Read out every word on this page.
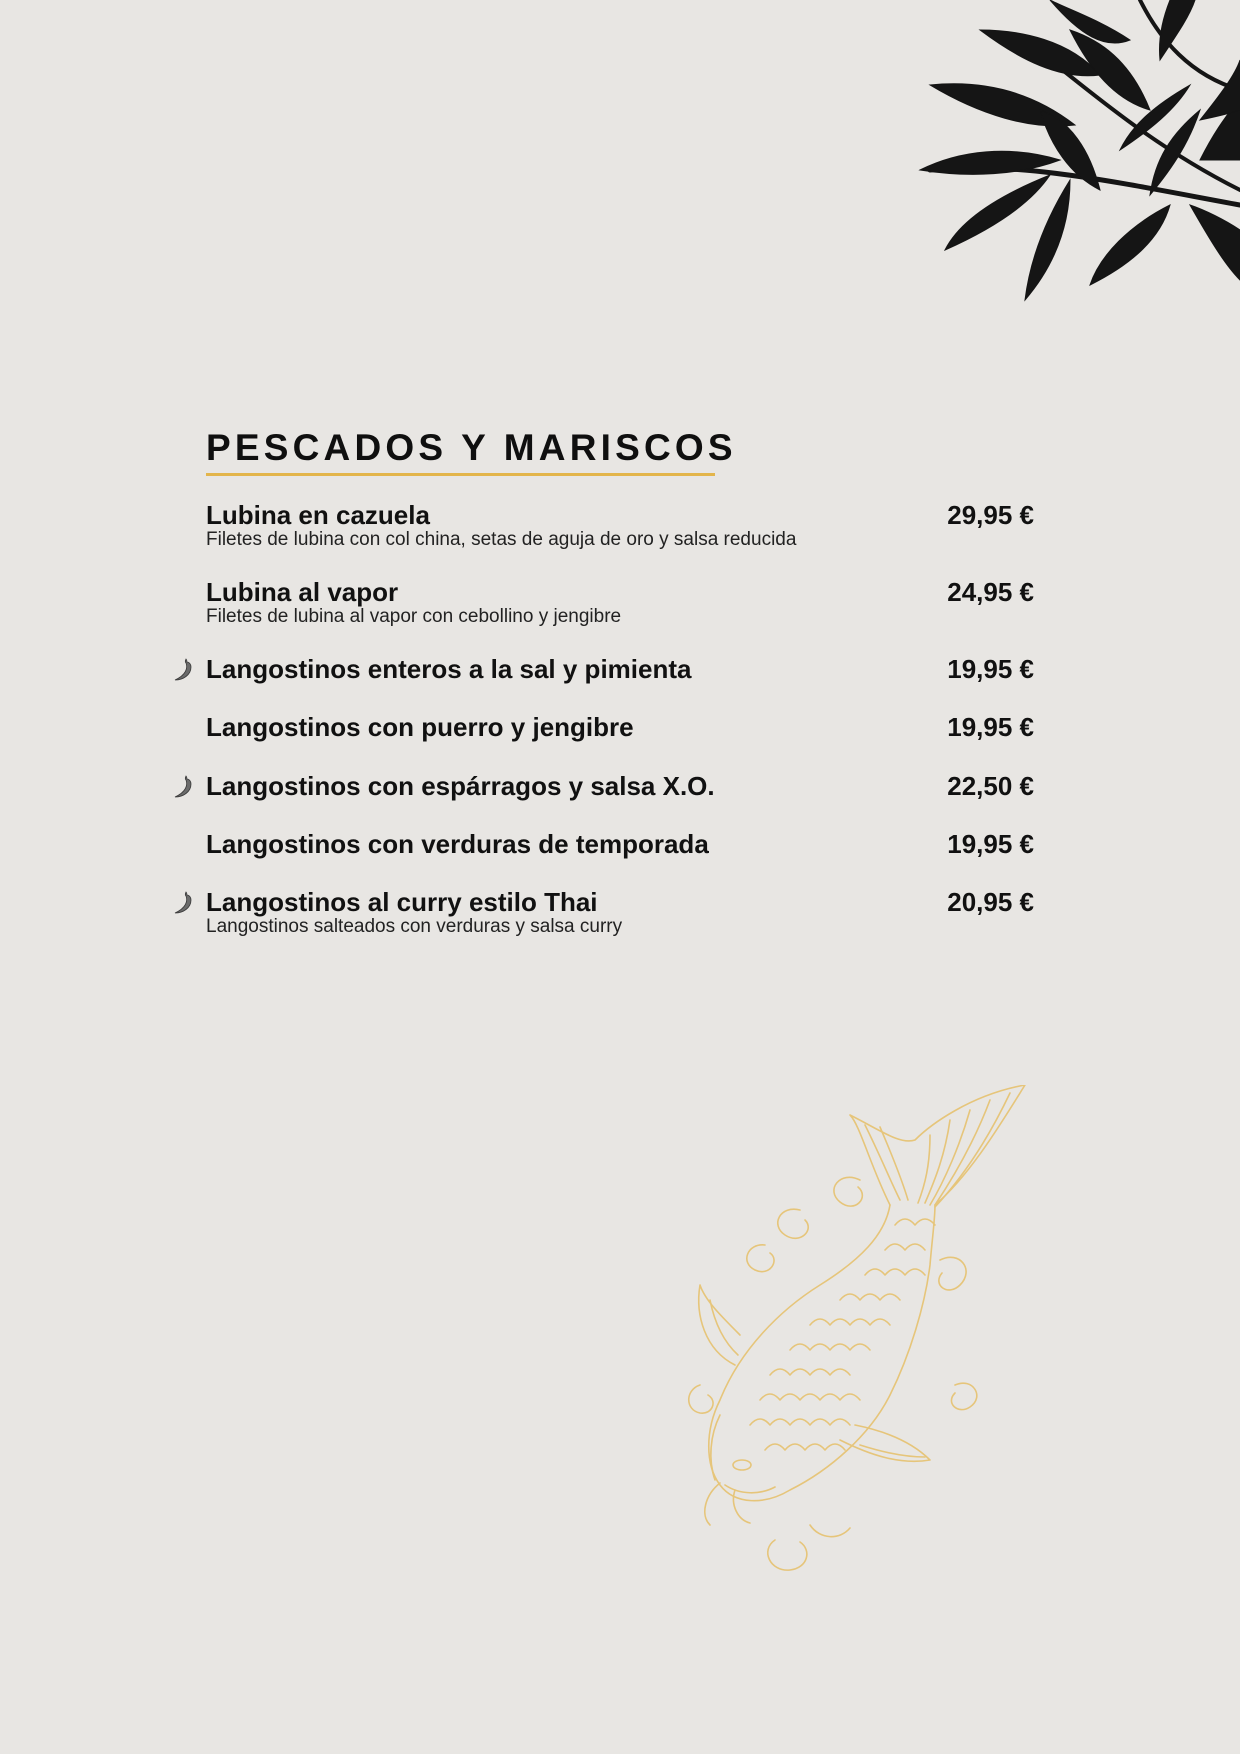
PESCADOS Y MARISCOS
Lubina en cazuela	29,95 €
Filetes de lubina con col china, setas de aguja de oro y salsa reducida
Lubina al vapor	24,95 €
Filetes de lubina al vapor con cebollino y jengibre
Langostinos enteros a la sal y pimienta	19,95 €
Langostinos con puerro y jengibre	19,95 €
Langostinos con espárragos y salsa X.O.	22,50 €
Langostinos con verduras de temporada	19,95 €
Langostinos al curry estilo Thai	20,95 €
Langostinos salteados con verduras y salsa curry
